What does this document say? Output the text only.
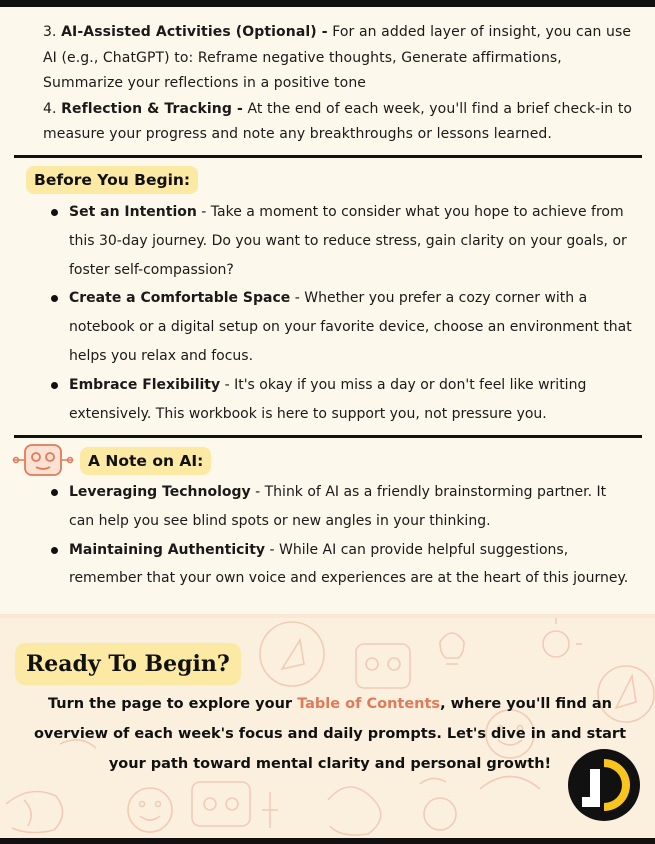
3. AI-Assisted Activities (Optional) - For an added layer of insight, you can use AI (e.g., ChatGPT) to: Reframe negative thoughts, Generate affirmations, Summarize your reflections in a positive tone

4. Reflection & Tracking - At the end of each week, you'll find a brief check-in to measure your progress and note any breakthroughs or lessons learned.

Before You Begin:
Set an Intention - Take a moment to consider what you hope to achieve from this 30-day journey. Do you want to reduce stress, gain clarity on your goals, or foster self-compassion?
Create a Comfortable Space - Whether you prefer a cozy corner with a notebook or a digital setup on your favorite device, choose an environment that helps you relax and focus.
Embrace Flexibility - It's okay if you miss a day or don't feel like writing extensively. This workbook is here to support you, not pressure you.
A Note on AI:
Leveraging Technology - Think of AI as a friendly brainstorming partner. It can help you see blind spots or new angles in your thinking.
Maintaining Authenticity - While AI can provide helpful suggestions, remember that your own voice and experiences are at the heart of this journey.
Ready To Begin?

Turn the page to explore your Table of Contents, where you'll find an overview of each week's focus and daily prompts. Let's dive in and start your path toward mental clarity and personal growth!
